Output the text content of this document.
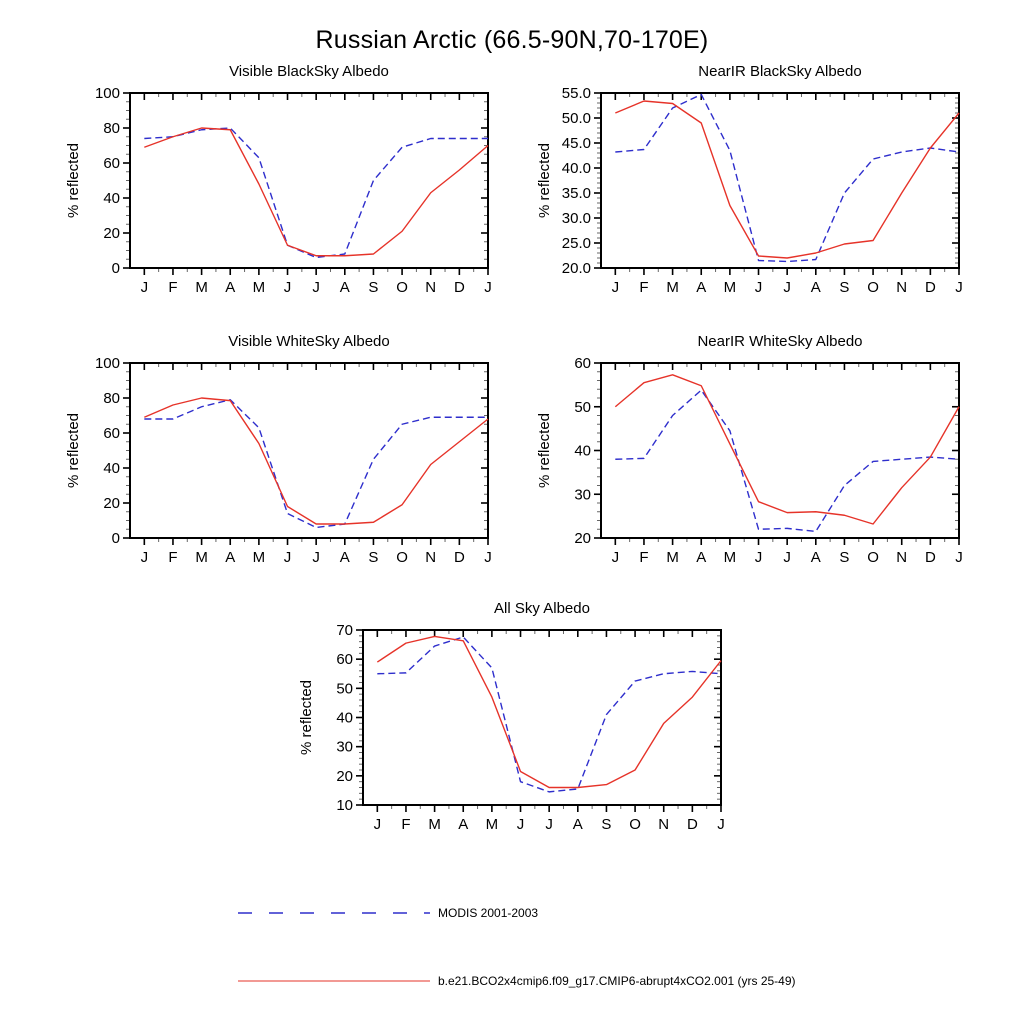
Russian Arctic (66.5-90N,70-170E)
Visible BlackSky Albedo
J F M A M J J A S O N D J
0
20
40
60
80
100
% reflected
NearIR BlackSky Albedo
J F M A M J J A S O N D J
20.0
25.0
30.0
35.0
40.0
45.0
50.0
55.0
% reflected
Visible WhiteSky Albedo
J F M A M J J A S O N D J
0
20
40
60
80
100
% reflected
NearIR WhiteSky Albedo
J F M A M J J A S O N D J
20
30
40
50
60
% reflected
All Sky Albedo
J F M A M J J A S O N D J
10
20
30
40
50
60
70
% reflected
MODIS 2001-2003
b.e21.BCO2x4cmip6.f09_g17.CMIP6-abrupt4xCO2.001 (yrs 25-49)
